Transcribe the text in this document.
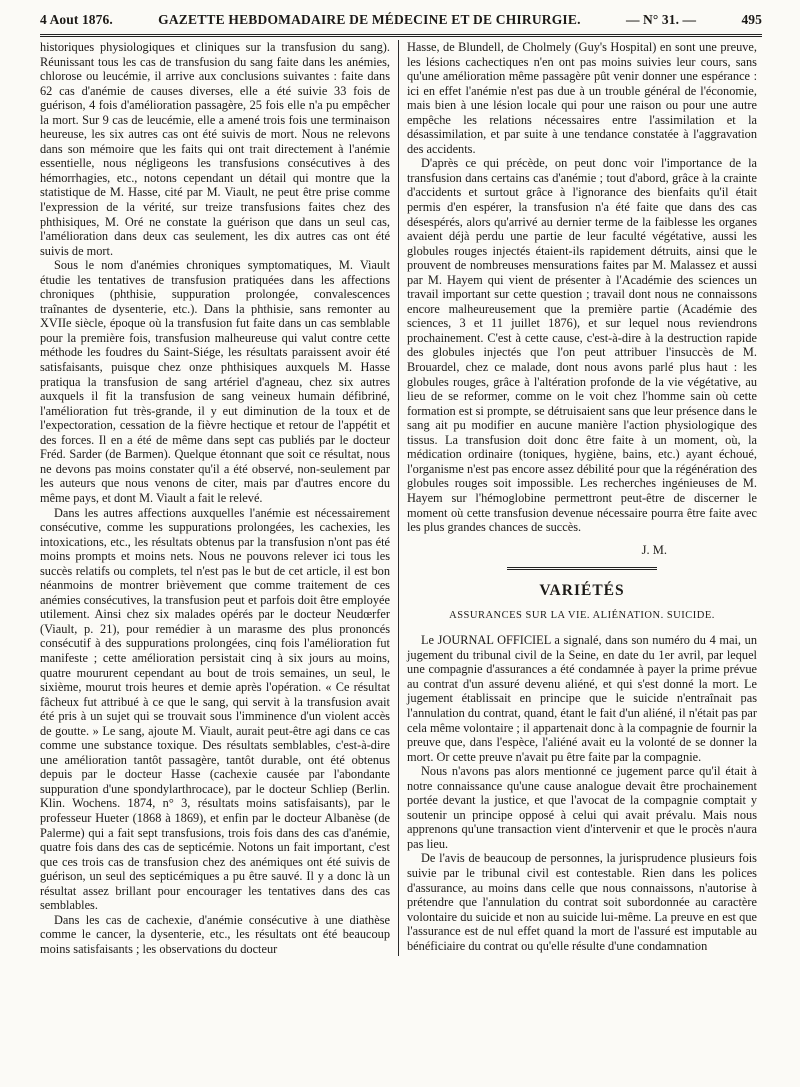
4 Aout 1876.	GAZETTE HEBDOMADAIRE DE MÉDECINE ET DE CHIRURGIE.	— N° 31. —	495

historiques physiologiques et cliniques sur la transfusion du sang). Réunissant tous les cas de transfusion du sang faite dans les anémies, chlorose ou leucémie, il arrive aux conclusions suivantes : faite dans 62 cas d'anémie de causes diverses, elle a été suivie 33 fois de guérison, 4 fois d'amélioration passagère, 25 fois elle n'a pu empêcher la mort. Sur 9 cas de leucémie, elle a amené trois fois une terminaison heureuse, les six autres cas ont été suivis de mort. Nous ne relevons dans son mémoire que les faits qui ont trait directement à l'anémie essentielle, nous négligeons les transfusions consécutives à des hémorrhagies, etc., notons cependant un détail qui montre que la statistique de M. Hasse, cité par M. Viault, ne peut être prise comme l'expression de la vérité, sur treize transfusions faites chez des phthisiques, M. Oré ne constate la guérison que dans un seul cas, l'amélioration dans deux cas seulement, les dix autres cas ont été suivis de mort.

Sous le nom d'anémies chroniques symptomatiques, M. Viault étudie les tentatives de transfusion pratiquées dans les affections chroniques (phthisie, suppuration prolongée, convalescences traînantes de dysenterie, etc.). Dans la phthisie, sans remonter au XVIIe siècle, époque où la transfusion fut faite dans un cas semblable pour la première fois, transfusion malheureuse qui valut contre cette méthode les foudres du Saint-Siége, les résultats paraissent avoir été satisfaisants, puisque chez onze phthisiques auxquels M. Hasse pratiqua la transfusion de sang artériel d'agneau, chez six autres auxquels il fit la transfusion de sang veineux humain défibriné, l'amélioration fut très-grande, il y eut diminution de la toux et de l'expectoration, cessation de la fièvre hectique et retour de l'appétit et des forces. Il en a été de même dans sept cas publiés par le docteur Fréd. Sarder (de Barmen). Quelque étonnant que soit ce résultat, nous ne devons pas moins constater qu'il a été observé, non-seulement par les auteurs que nous venons de citer, mais par d'autres encore du même pays, et dont M. Viault a fait le relevé.

Dans les autres affections auxquelles l'anémie est nécessairement consécutive, comme les suppurations prolongées, les cachexies, les intoxications, etc., les résultats obtenus par la transfusion n'ont pas été moins prompts et moins nets. Nous ne pouvons relever ici tous les succès relatifs ou complets, tel n'est pas le but de cet article, il est bon néanmoins de montrer brièvement que comme traitement de ces anémies consécutives, la transfusion peut et parfois doit être employée utilement. Ainsi chez six malades opérés par le docteur Neudœrfer (Viault, p. 21), pour remédier à un marasme des plus prononcés consécutif à des suppurations prolongées, cinq fois l'amélioration fut manifeste ; cette amélioration persistait cinq à six jours au moins, quatre moururent cependant au bout de trois semaines, un seul, le sixième, mourut trois heures et demie après l'opération. « Ce résultat fâcheux fut attribué à ce que le sang, qui servit à la transfusion avait été pris à un sujet qui se trouvait sous l'imminence d'un violent accès de goutte. » Le sang, ajoute M. Viault, aurait peut-être agi dans ce cas comme une substance toxique. Des résultats semblables, c'est-à-dire une amélioration tantôt passagère, tantôt durable, ont été obtenus depuis par le docteur Hasse (cachexie causée par l'abondante suppuration d'une spondylarthrocace), par le docteur Schliep (Berlin. Klin. Wochens. 1874, n° 3, résultats moins satisfaisants), par le professeur Hueter (1868 à 1869), et enfin par le docteur Albanèse (de Palerme) qui a fait sept transfusions, trois fois dans des cas d'anémie, quatre fois dans des cas de septicémie. Notons un fait important, c'est que ces trois cas de transfusion chez des anémiques ont été suivis de guérison, un seul des septicémiques a pu être sauvé. Il y a donc là un résultat assez brillant pour encourager les tentatives dans des cas semblables.

Dans les cas de cachexie, d'anémie consécutive à une diathèse comme le cancer, la dysenterie, etc., les résultats ont été beaucoup moins satisfaisants ; les observations du docteur

Hasse, de Blundell, de Cholmely (Guy's Hospital) en sont une preuve, les lésions cachectiques n'en ont pas moins suivies leur cours, sans qu'une amélioration même passagère pût venir donner une espérance : ici en effet l'anémie n'est pas due à un trouble général de l'économie, mais bien à une lésion locale qui pour une raison ou pour une autre empêche les relations nécessaires entre l'assimilation et la désassimilation, et par suite à une tendance constatée à l'aggravation des accidents.

D'après ce qui précède, on peut donc voir l'importance de la transfusion dans certains cas d'anémie ; tout d'abord, grâce à la crainte d'accidents et surtout grâce à l'ignorance des bienfaits qu'il était permis d'en espérer, la transfusion n'a été faite que dans des cas désespérés, alors qu'arrivé au dernier terme de la faiblesse les organes avaient déjà perdu une partie de leur faculté végétative, aussi les globules rouges injectés étaient-ils rapidement détruits, ainsi que le prouvent de nombreuses mensurations faites par M. Malassez et aussi par M. Hayem qui vient de présenter à l'Académie des sciences un travail important sur cette question ; travail dont nous ne connaissons encore malheureusement que la première partie (Académie des sciences, 3 et 11 juillet 1876), et sur lequel nous reviendrons prochainement. C'est à cette cause, c'est-à-dire à la destruction rapide des globules injectés que l'on peut attribuer l'insuccès de M. Brouardel, chez ce malade, dont nous avons parlé plus haut : les globules rouges, grâce à l'altération profonde de la vie végétative, au lieu de se reformer, comme on le voit chez l'homme sain où cette formation est si prompte, se détruisaient sans que leur présence dans le sang ait pu modifier en aucune manière l'action physiologique des tissus. La transfusion doit donc être faite à un moment, où, la médication ordinaire (toniques, hygiène, bains, etc.) ayant échoué, l'organisme n'est pas encore assez débilité pour que la régénération des globules rouges soit impossible. Les recherches ingénieuses de M. Hayem sur l'hémoglobine permettront peut-être de discerner le moment où cette transfusion devenue nécessaire pourra être faite avec les plus grandes chances de succès.

J. M.
VARIÉTÉS
ASSURANCES SUR LA VIE. ALIÉNATION. SUICIDE.

Le JOURNAL OFFICIEL a signalé, dans son numéro du 4 mai, un jugement du tribunal civil de la Seine, en date du 1er avril, par lequel une compagnie d'assurances a été condamnée à payer la prime prévue au contrat d'un assuré devenu aliéné, et qui s'est donné la mort. Le jugement établissait en principe que le suicide n'entraînait pas l'annulation du contrat, quand, étant le fait d'un aliéné, il n'était pas par cela même volontaire ; il appartenait donc à la compagnie de fournir la preuve que, dans l'espèce, l'aliéné avait eu la volonté de se donner la mort. Or cette preuve n'avait pu être faite par la compagnie.

Nous n'avons pas alors mentionné ce jugement parce qu'il était à notre connaissance qu'une cause analogue devait être prochainement portée devant la justice, et que l'avocat de la compagnie comptait y soutenir un principe opposé à celui qui avait prévalu. Mais nous apprenons qu'une transaction vient d'intervenir et que le procès n'aura pas lieu.

De l'avis de beaucoup de personnes, la jurisprudence plusieurs fois suivie par le tribunal civil est contestable. Rien dans les polices d'assurance, au moins dans celle que nous connaissons, n'autorise à prétendre que l'annulation du contrat soit subordonnée au caractère volontaire du suicide et non au suicide lui-même. La preuve en est que l'assurance est de nul effet quand la mort de l'assuré est imputable au bénéficiaire du contrat ou qu'elle résulte d'une condamnation
